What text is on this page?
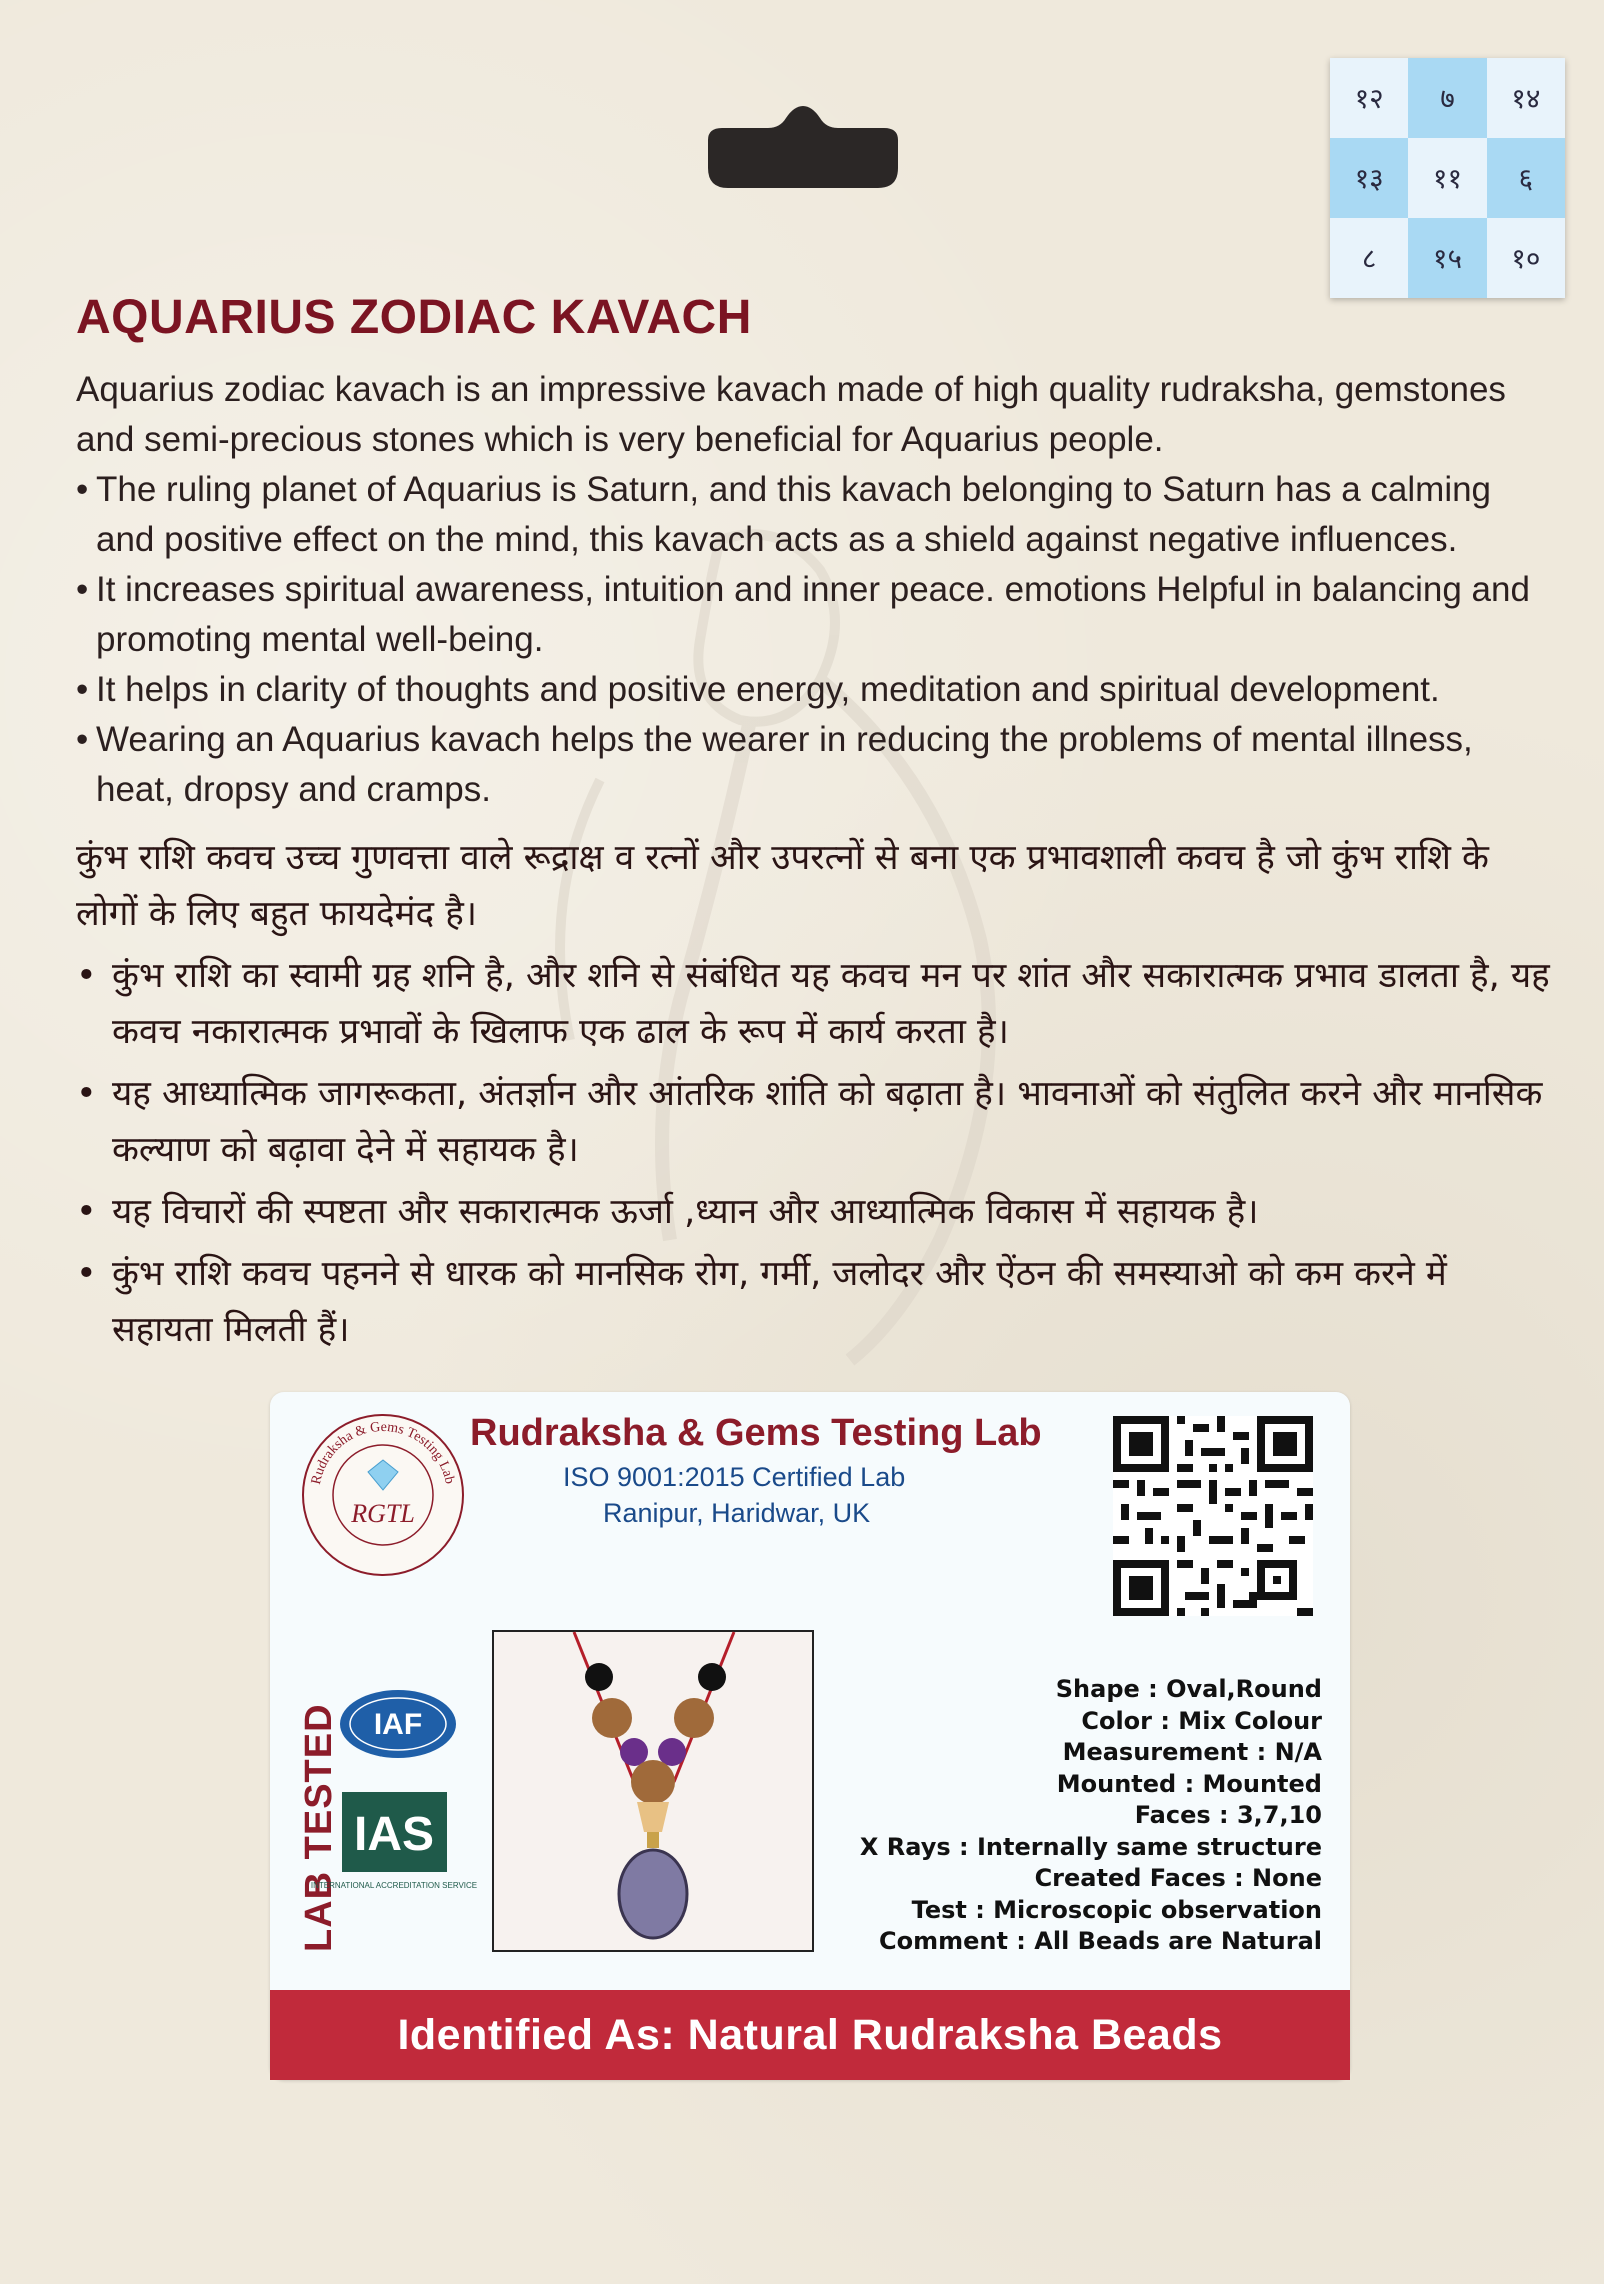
१२	७	१४
१३	११	६
८	१५	१०
AQUARIUS ZODIAC KAVACH

Aquarius zodiac kavach is an impressive kavach made of high quality rudraksha, gemstones and semi-precious stones which is very beneficial for Aquarius people.

• The ruling planet of Aquarius is Saturn, and this kavach belonging to Saturn has a calming and positive effect on the mind, this kavach acts as a shield against negative influences.
• It increases spiritual awareness, intuition and inner peace. emotions Helpful in balancing and promoting mental well-being.
• It helps in clarity of thoughts and positive energy, meditation and spiritual development.
• Wearing an Aquarius kavach helps the wearer in reducing the problems of mental illness, heat, dropsy and cramps.

कुंभ राशि कवच उच्च गुणवत्ता वाले रूद्राक्ष व रत्नों और उपरत्नों से बना एक प्रभावशाली कवच है जो कुंभ राशि के लोगों के लिए बहुत फायदेमंद है।

• कुंभ राशि का स्वामी ग्रह शनि है, और शनि से संबंधित यह कवच मन पर शांत और सकारात्मक प्रभाव डालता है, यह कवच नकारात्मक प्रभावों के खिलाफ एक ढाल के रूप में कार्य करता है।
• यह आध्यात्मिक जागरूकता, अंतर्ज्ञान और आंतरिक शांति को बढ़ाता है। भावनाओं को संतुलित करने और मानसिक कल्याण को बढ़ावा देने में सहायक है।
• यह विचारों की स्पष्टता और सकारात्मक ऊर्जा ,ध्यान और आध्यात्मिक विकास में सहायक है।
• कुंभ राशि कवच पहनने से धारक को मानसिक रोग, गर्मी, जलोदर और ऐंठन की समस्याओ को कम करने में सहायता मिलती हैं।
Rudraksha & Gems Testing Lab
RGTL
Rudraksha & Gems Testing Lab
ISO 9001:2015 Certified Lab
Ranipur, Haridwar, UK
LAB TESTED IAF
IAS
INTERNATIONAL ACCREDITATION SERVICE
Shape : Oval,Round
Color : Mix Colour
Measurement : N/A
Mounted : Mounted
Faces : 3,7,10
X Rays : Internally same structure
Created Faces : None
Test : Microscopic observation
Comment : All Beads are Natural
Identified As: Natural Rudraksha Beads
